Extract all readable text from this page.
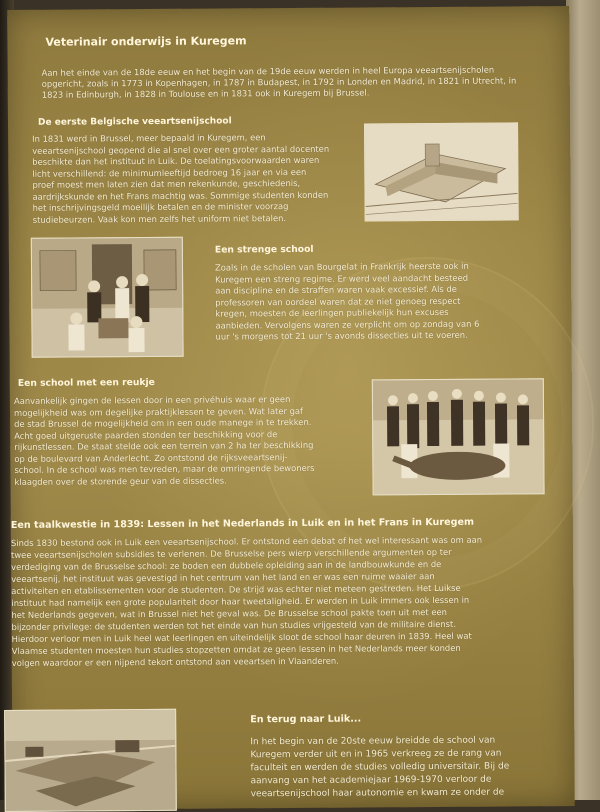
Veterinair onderwijs in Kuregem
Aan het einde van de 18de eeuw en het begin van de 19de eeuw werden in heel Europa veeartsenijscholen opgericht, zoals in 1773 in Kopenhagen, in 1787 in Budapest, in 1792 in Londen en Madrid, in 1821 in Utrecht, in 1823 in Edinburgh, in 1828 in Toulouse en in 1831 ook in Kuregem bij Brussel.
De eerste Belgische veeartsenijschool
In 1831 werd in Brussel, meer bepaald in Kuregem, een
veeartsenijschool geopend die al snel over een groter aantal docenten
beschikte dan het instituut in Luik. De toelatingsvoorwaarden waren
licht verschillend: de minimumleeftijd bedroeg 16 jaar en via een
proef moest men laten zien dat men rekenkunde, geschiedenis,
aardrijkskunde en het Frans machtig was. Sommige studenten konden
het inschrijvingsgeld moeilijk betalen en de minister voorzag
studiebeurzen. Vaak kon men zelfs het uniform niet betalen.
Een strenge school
Zoals in de scholen van Bourgelat in Frankrijk heerste ook in
Kuregem een streng regime. Er werd veel aandacht besteed
aan discipline en de straffen waren vaak excessief. Als de
professoren van oordeel waren dat ze niet genoeg respect
kregen, moesten de leerlingen publiekelijk hun excuses
aanbieden. Vervolgens waren ze verplicht om op zondag van 6
uur 's morgens tot 21 uur 's avonds dissecties uit te voeren.
Een school met een reukje
Aanvankelijk gingen de lessen door in een privéhuis waar er geen
mogelijkheid was om degelijke praktijklessen te geven. Wat later gaf
de stad Brussel de mogelijkheid om in een oude manege in te trekken.
Acht goed uitgeruste paarden stonden ter beschikking voor de
rijkunstlessen. De staat stelde ook een terrein van 2 ha ter beschikking
op de boulevard van Anderlecht. Zo ontstond de rijksveeartsenij-
school. In de school was men tevreden, maar de omringende bewoners
klaagden over de storende geur van de dissecties.
Een taalkwestie in 1839: Lessen in het Nederlands in Luik en in het Frans in Kuregem
Sinds 1830 bestond ook in Luik een veeartsenijschool. Er ontstond een debat of het wel interessant was om aan
twee veeartsenijscholen subsidies te verlenen. De Brusselse pers wierp verschillende argumenten op ter
verdediging van de Brusselse school: ze boden een dubbele opleiding aan in de landbouwkunde en de
veeartsenij, het instituut was gevestigd in het centrum van het land en er was een ruime waaier aan
activiteiten en etablissementen voor de studenten. De strijd was echter niet meteen gestreden. Het Luikse
instituut had namelijk een grote populariteit door haar tweetaligheid. Er werden in Luik immers ook lessen in
het Nederlands gegeven, wat in Brussel niet het geval was. De Brusselse school pakte toen uit met een
bijzonder privilege: de studenten werden tot het einde van hun studies vrijgesteld van de militaire dienst.
Hierdoor verloor men in Luik heel wat leerlingen en uiteindelijk sloot de school haar deuren in 1839. Heel wat
Vlaamse studenten moesten hun studies stopzetten omdat ze geen lessen in het Nederlands meer konden
volgen waardoor er een nijpend tekort ontstond aan veeartsen in Vlaanderen.
En terug naar Luik...
In het begin van de 20ste eeuw breidde de school van
Kuregem verder uit en in 1965 verkreeg ze de rang van
faculteit en werden de studies volledig universitair. Bij de
aanvang van het academiejaar 1969-1970 verloor de
veeartsenijschool haar autonomie en kwam ze onder de
